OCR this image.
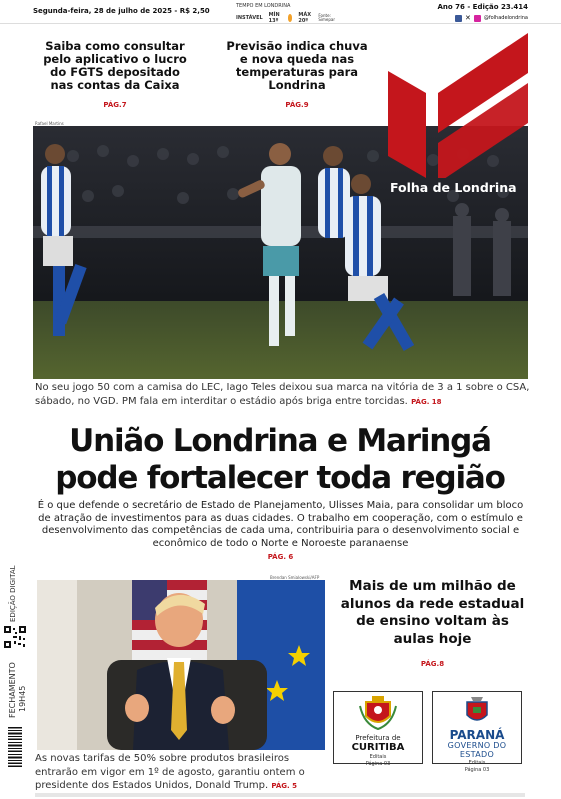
Segunda-feira, 28 de julho de 2025 - R$ 2,50
TEMPO EM LONDRINA
INSTÁVEL MÍN 13º
MÁX 20º
Fonte: Simepar
Ano 76 - Edição 23.414
✕	@folhadelondrina
Saiba como consultar pelo aplicativo o lucro do FGTS depositado nas contas da Caixa
PÁG.7
Previsão indica chuva e nova queda nas temperaturas para Londrina
PÁG.9
Rafael Martins
Folha de Londrina
No seu jogo 50 com a camisa do LEC, Iago Teles deixou sua marca na vitória de 3 a 1 sobre o CSA, sábado, no VGD. PM fala em interditar o estádio após briga entre torcidas. PÁG. 18
União Londrina e Maringá pode fortalecer toda região

É o que defende o secretário de Estado de Planejamento, Ulisses Maia, para consolidar um bloco de atração de investimentos para as duas cidades. O trabalho em cooperação, com o estímulo e desenvolvimento das competências de cada uma, contribuiria para o desenvolvimento social e econômico de todo o Norte e Noroeste paranaense

PÁG. 6
EDIÇÃO DIGITAL
FECHAMENTO 19H45
Brendan Smialowski/AFP
As novas tarifas de 50% sobre produtos brasileiros entrarão em vigor em 1º de agosto, garantiu ontem o presidente dos Estados Unidos, Donald Trump. PÁG. 5
Mais de um milhão de alunos da rede estadual de ensino voltam às aulas hoje
PÁG.8
Prefeitura de
CURITIBA
Editais
Página 03
PARANÁ
GOVERNO DO ESTADO
Editais
Página 03
